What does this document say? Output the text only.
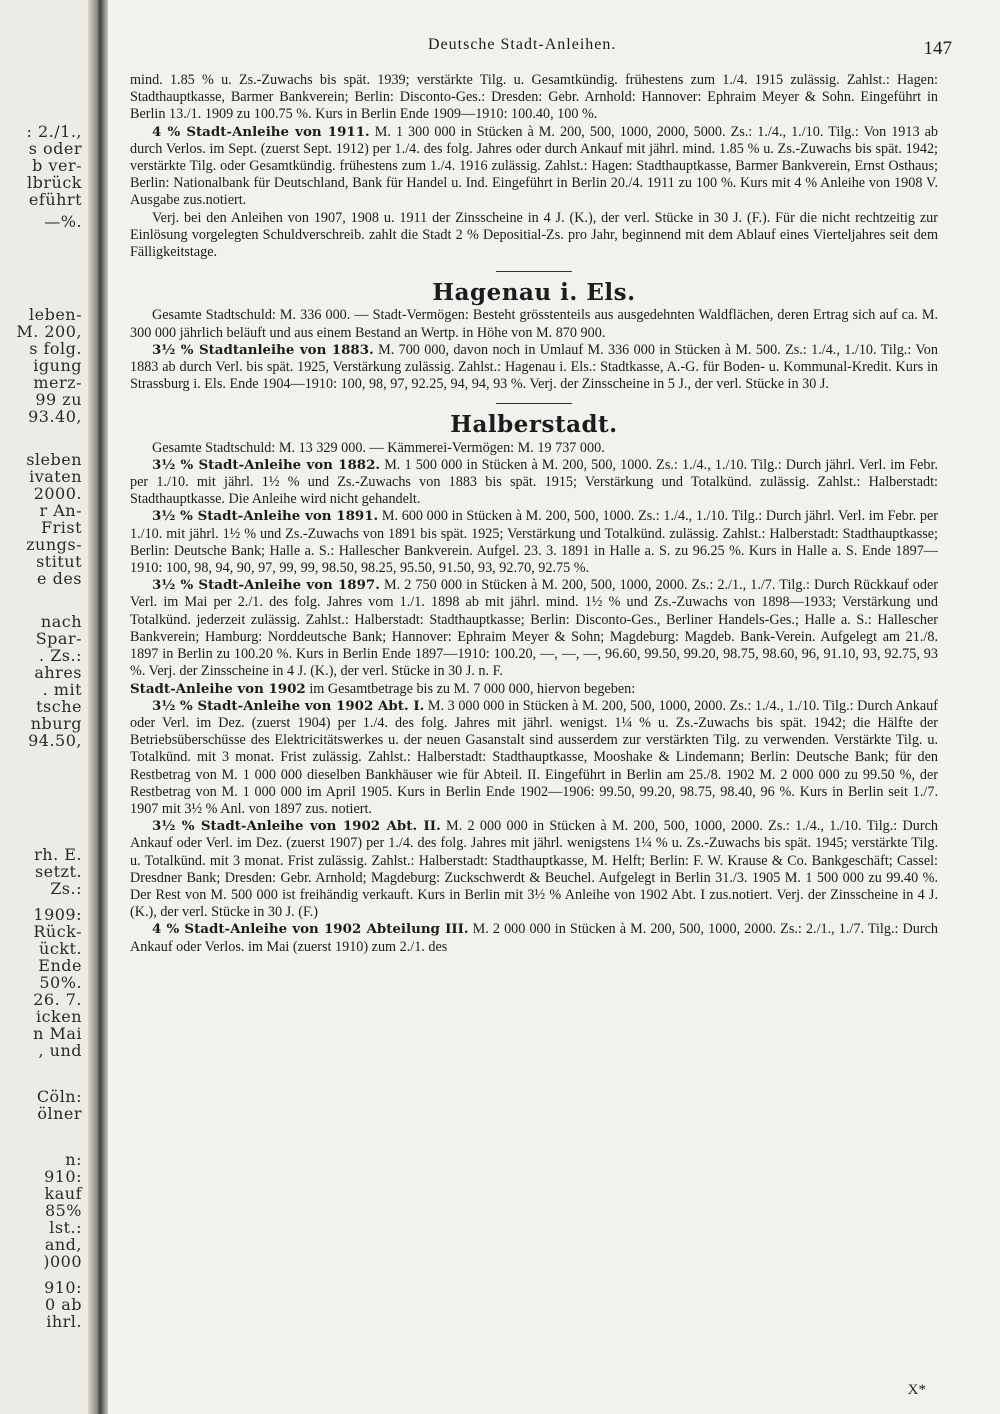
: 2./1.,
s oder
b ver-
lbrück
eführt
—%.
leben-
M. 200,
s folg.
igung
merz-
99 zu
93.40,
sleben
ivaten
2000.
r An-
Frist
zungs-
stitut
e des
nach
Spar-
. Zs.:
ahres
. mit
tsche
nburg
94.50,
rh. E.
setzt.
Zs.:
1909:
Rück-
ückt.
Ende
50%.
26. 7.
icken
n Mai
, und
Cöln:
ölner
n:
910:
kauf
85%
lst.:
and,
)000
910:
0 ab
ihrl.
Deutsche Stadt-Anleihen.	147

mind. 1.85 % u. Zs.-Zuwachs bis spät. 1939; verstärkte Tilg. u. Gesamtkündig. frühestens zum 1./4. 1915 zulässig. Zahlst.: Hagen: Stadthauptkasse, Barmer Bankverein; Berlin: Disconto-Ges.: Dresden: Gebr. Arnhold: Hannover: Ephraim Meyer & Sohn. Eingeführt in Berlin 13./1. 1909 zu 100.75 %. Kurs in Berlin Ende 1909—1910: 100.40, 100 %.

4 % Stadt-Anleihe von 1911. M. 1 300 000 in Stücken à M. 200, 500, 1000, 2000, 5000. Zs.: 1./4., 1./10. Tilg.: Von 1913 ab durch Verlos. im Sept. (zuerst Sept. 1912) per 1./4. des folg. Jahres oder durch Ankauf mit jährl. mind. 1.85 % u. Zs.-Zuwachs bis spät. 1942; verstärkte Tilg. oder Gesamtkündig. frühestens zum 1./4. 1916 zulässig. Zahlst.: Hagen: Stadthauptkasse, Barmer Bankverein, Ernst Osthaus; Berlin: Nationalbank für Deutschland, Bank für Handel u. Ind. Eingeführt in Berlin 20./4. 1911 zu 100 %. Kurs mit 4 % Anleihe von 1908 V. Ausgabe zus.notiert.

Verj. bei den Anleihen von 1907, 1908 u. 1911 der Zinsscheine in 4 J. (K.), der verl. Stücke in 30 J. (F.). Für die nicht rechtzeitig zur Einlösung vorgelegten Schuldverschreib. zahlt die Stadt 2 % Depositial-Zs. pro Jahr, beginnend mit dem Ablauf eines Vierteljahres seit dem Fälligkeitstage.

Hagenau i. Els.

Gesamte Stadtschuld: M. 336 000. — Stadt-Vermögen: Besteht grösstenteils aus ausgedehnten Waldflächen, deren Ertrag sich auf ca. M. 300 000 jährlich beläuft und aus einem Bestand an Wertp. in Höhe von M. 870 900.

3½ % Stadtanleihe von 1883. M. 700 000, davon noch in Umlauf M. 336 000 in Stücken à M. 500. Zs.: 1./4., 1./10. Tilg.: Von 1883 ab durch Verl. bis spät. 1925, Verstärkung zulässig. Zahlst.: Hagenau i. Els.: Stadtkasse, A.-G. für Boden- u. Kommunal-Kredit. Kurs in Strassburg i. Els. Ende 1904—1910: 100, 98, 97, 92.25, 94, 94, 93 %. Verj. der Zinsscheine in 5 J., der verl. Stücke in 30 J.

Halberstadt.

Gesamte Stadtschuld: M. 13 329 000. — Kämmerei-Vermögen: M. 19 737 000.

3½ % Stadt-Anleihe von 1882. M. 1 500 000 in Stücken à M. 200, 500, 1000. Zs.: 1./4., 1./10. Tilg.: Durch jährl. Verl. im Febr. per 1./10. mit jährl. 1½ % und Zs.-Zuwachs von 1883 bis spät. 1915; Verstärkung und Totalkünd. zulässig. Zahlst.: Halberstadt: Stadthauptkasse. Die Anleihe wird nicht gehandelt.

3½ % Stadt-Anleihe von 1891. M. 600 000 in Stücken à M. 200, 500, 1000. Zs.: 1./4., 1./10. Tilg.: Durch jährl. Verl. im Febr. per 1./10. mit jährl. 1½ % und Zs.-Zuwachs von 1891 bis spät. 1925; Verstärkung und Totalkünd. zulässig. Zahlst.: Halberstadt: Stadthauptkasse; Berlin: Deutsche Bank; Halle a. S.: Hallescher Bankverein. Aufgel. 23. 3. 1891 in Halle a. S. zu 96.25 %. Kurs in Halle a. S. Ende 1897—1910: 100, 98, 94, 90, 97, 99, 99, 98.50, 98.25, 95.50, 91.50, 93, 92.70, 92.75 %.

3½ % Stadt-Anleihe von 1897. M. 2 750 000 in Stücken à M. 200, 500, 1000, 2000. Zs.: 2./1., 1./7. Tilg.: Durch Rückkauf oder Verl. im Mai per 2./1. des folg. Jahres vom 1./1. 1898 ab mit jährl. mind. 1½ % und Zs.-Zuwachs von 1898—1933; Verstärkung und Totalkünd. jederzeit zulässig. Zahlst.: Halberstadt: Stadthauptkasse; Berlin: Disconto-Ges., Berliner Handels-Ges.; Halle a. S.: Hallescher Bankverein; Hamburg: Norddeutsche Bank; Hannover: Ephraim Meyer & Sohn; Magdeburg: Magdeb. Bank-Verein. Aufgelegt am 21./8. 1897 in Berlin zu 100.20 %. Kurs in Berlin Ende 1897—1910: 100.20, —, —, —, 96.60, 99.50, 99.20, 98.75, 98.60, 96, 91.10, 93, 92.75, 93 %. Verj. der Zinsscheine in 4 J. (K.), der verl. Stücke in 30 J. n. F.

Stadt-Anleihe von 1902 im Gesamtbetrage bis zu M. 7 000 000, hiervon begeben:

3½ % Stadt-Anleihe von 1902 Abt. I. M. 3 000 000 in Stücken à M. 200, 500, 1000, 2000. Zs.: 1./4., 1./10. Tilg.: Durch Ankauf oder Verl. im Dez. (zuerst 1904) per 1./4. des folg. Jahres mit jährl. wenigst. 1¼ % u. Zs.-Zuwachs bis spät. 1942; die Hälfte der Betriebsüberschüsse des Elektricitätswerkes u. der neuen Gasanstalt sind ausserdem zur verstärkten Tilg. zu verwenden. Verstärkte Tilg. u. Totalkünd. mit 3 monat. Frist zulässig. Zahlst.: Halberstadt: Stadthauptkasse, Mooshake & Lindemann; Berlin: Deutsche Bank; für den Restbetrag von M. 1 000 000 dieselben Bankhäuser wie für Abteil. II. Eingeführt in Berlin am 25./8. 1902 M. 2 000 000 zu 99.50 %, der Restbetrag von M. 1 000 000 im April 1905. Kurs in Berlin Ende 1902—1906: 99.50, 99.20, 98.75, 98.40, 96 %. Kurs in Berlin seit 1./7. 1907 mit 3½ % Anl. von 1897 zus. notiert.

3½ % Stadt-Anleihe von 1902 Abt. II. M. 2 000 000 in Stücken à M. 200, 500, 1000, 2000. Zs.: 1./4., 1./10. Tilg.: Durch Ankauf oder Verl. im Dez. (zuerst 1907) per 1./4. des folg. Jahres mit jährl. wenigstens 1¼ % u. Zs.-Zuwachs bis spät. 1945; verstärkte Tilg. u. Totalkünd. mit 3 monat. Frist zulässig. Zahlst.: Halberstadt: Stadthauptkasse, M. Helft; Berlin: F. W. Krause & Co. Bankgeschäft; Cassel: Dresdner Bank; Dresden: Gebr. Arnhold; Magdeburg: Zuckschwerdt & Beuchel. Aufgelegt in Berlin 31./3. 1905 M. 1 500 000 zu 99.40 %. Der Rest von M. 500 000 ist freihändig verkauft. Kurs in Berlin mit 3½ % Anleihe von 1902 Abt. I zus.notiert. Verj. der Zinsscheine in 4 J. (K.), der verl. Stücke in 30 J. (F.)

4 % Stadt-Anleihe von 1902 Abteilung III. M. 2 000 000 in Stücken à M. 200, 500, 1000, 2000. Zs.: 2./1., 1./7. Tilg.: Durch Ankauf oder Verlos. im Mai (zuerst 1910) zum 2./1. des

X*
